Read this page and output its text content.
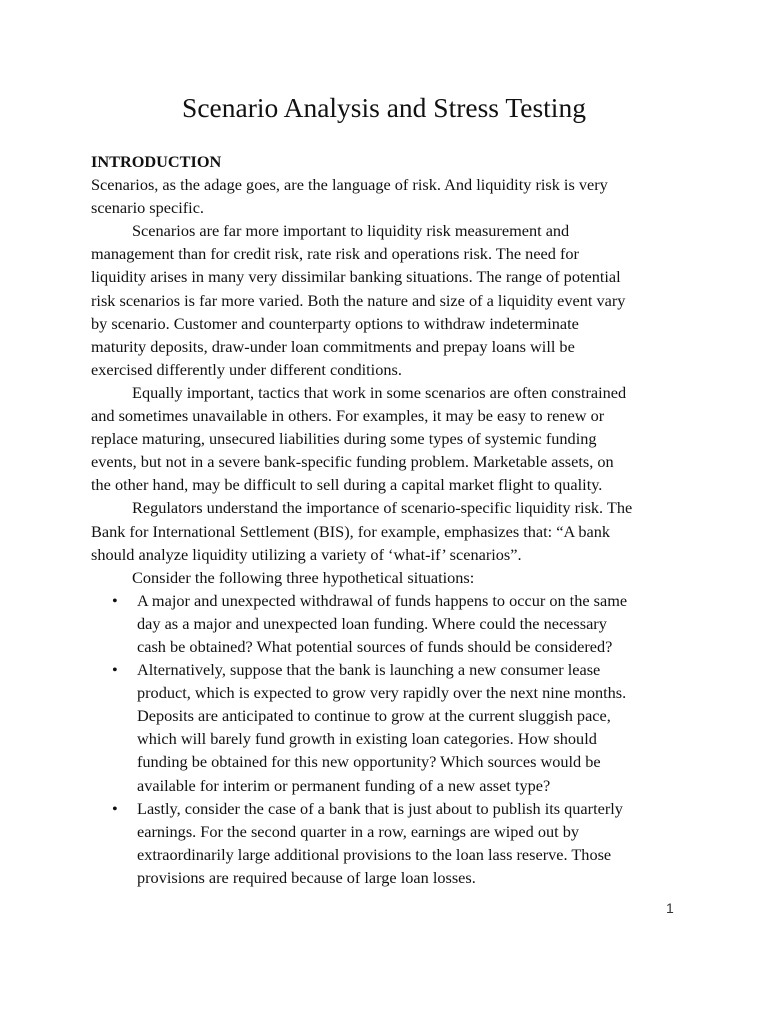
Scenario Analysis and Stress Testing
INTRODUCTION
Scenarios, as the adage goes, are the language of risk. And liquidity risk is very
scenario specific.
Scenarios are far more important to liquidity risk measurement and
management than for credit risk, rate risk and operations risk. The need for
liquidity arises in many very dissimilar banking situations. The range of potential
risk scenarios is far more varied. Both the nature and size of a liquidity event vary
by scenario. Customer and counterparty options to withdraw indeterminate
maturity deposits, draw-under loan commitments and prepay loans will be
exercised differently under different conditions.
Equally important, tactics that work in some scenarios are often constrained
and sometimes unavailable in others. For examples, it may be easy to renew or
replace maturing, unsecured liabilities during some types of systemic funding
events, but not in a severe bank-specific funding problem. Marketable assets, on
the other hand, may be difficult to sell during a capital market flight to quality.
Regulators understand the importance of scenario-specific liquidity risk. The
Bank for International Settlement (BIS), for example, emphasizes that: “A bank
should analyze liquidity utilizing a variety of ‘what-if’ scenarios”.
Consider the following three hypothetical situations:
• A major and unexpected withdrawal of funds happens to occur on the same
day as a major and unexpected loan funding. Where could the necessary
cash be obtained? What potential sources of funds should be considered?
• Alternatively, suppose that the bank is launching a new consumer lease
product, which is expected to grow very rapidly over the next nine months.
Deposits are anticipated to continue to grow at the current sluggish pace,
which will barely fund growth in existing loan categories. How should
funding be obtained for this new opportunity? Which sources would be
available for interim or permanent funding of a new asset type?
• Lastly, consider the case of a bank that is just about to publish its quarterly
earnings. For the second quarter in a row, earnings are wiped out by
extraordinarily large additional provisions to the loan lass reserve. Those
provisions are required because of large loan losses.
1
